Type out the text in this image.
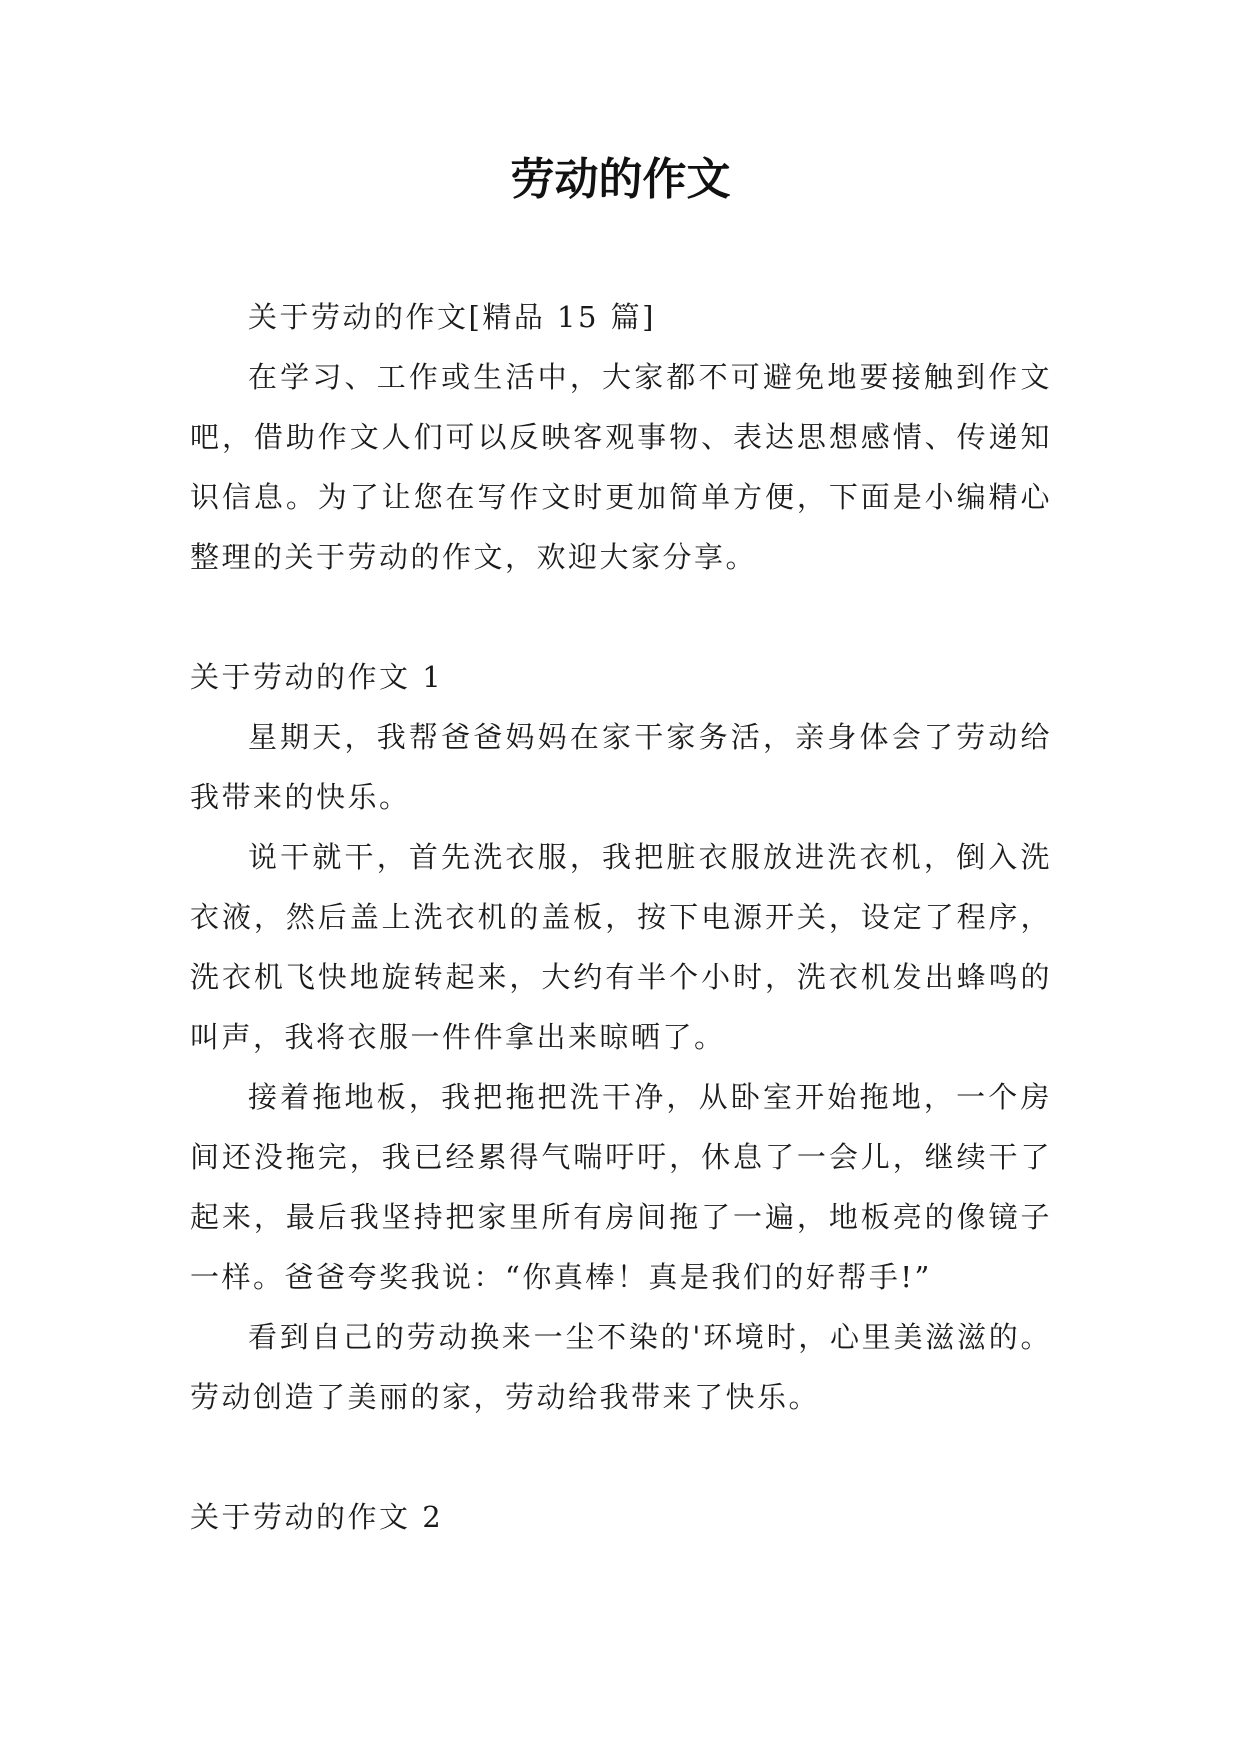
劳动的作文

关于劳动的作文[精品 15 篇]

在学习、工作或生活中，大家都不可避免地要接触到作文吧，借助作文人们可以反映客观事物、表达思想感情、传递知识信息。为了让您在写作文时更加简单方便，下面是小编精心整理的关于劳动的作文，欢迎大家分享。

关于劳动的作文 1

星期天，我帮爸爸妈妈在家干家务活，亲身体会了劳动给我带来的快乐。

说干就干，首先洗衣服，我把脏衣服放进洗衣机，倒入洗衣液，然后盖上洗衣机的盖板，按下电源开关，设定了程序，洗衣机飞快地旋转起来，大约有半个小时，洗衣机发出蜂鸣的叫声，我将衣服一件件拿出来晾晒了。

接着拖地板，我把拖把洗干净，从卧室开始拖地，一个房间还没拖完，我已经累得气喘吁吁，休息了一会儿，继续干了起来，最后我坚持把家里所有房间拖了一遍，地板亮的像镜子一样。爸爸夸奖我说：“你真棒！真是我们的好帮手!”

看到自己的劳动换来一尘不染的'环境时，心里美滋滋的。劳动创造了美丽的家，劳动给我带来了快乐。

关于劳动的作文 2
